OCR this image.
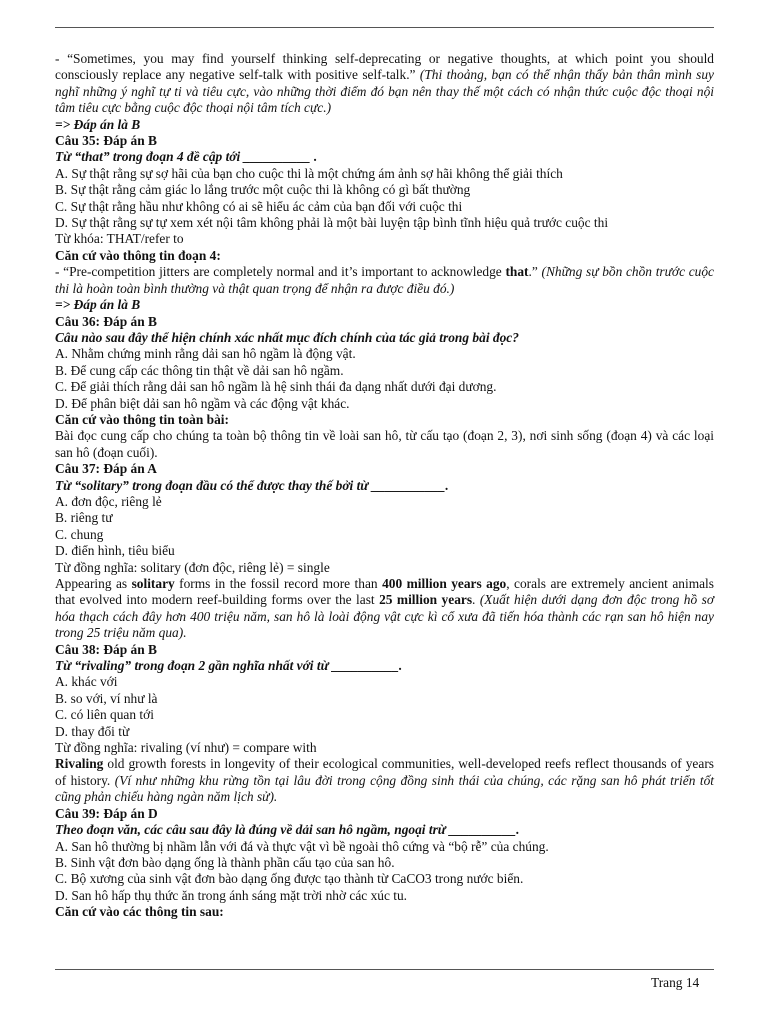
- “Sometimes, you may find yourself thinking self-deprecating or negative thoughts, at which point you should consciously replace any negative self-talk with positive self-talk.” (Thi thoảng, bạn có thể nhận thấy bản thân mình suy nghĩ những ý nghĩ tự ti và tiêu cực, vào những thời điểm đó bạn nên thay thế một cách có nhận thức cuộc độc thoại nội tâm tiêu cực bằng cuộc độc thoại nội tâm tích cực.)

=> Đáp án là B

Câu 35: Đáp án B

Từ “that” trong đoạn 4 đề cập tới __________ .

A. Sự thật rằng sự sợ hãi của bạn cho cuộc thi là một chứng ám ảnh sợ hãi không thể giải thích

B. Sự thật rằng cảm giác lo lắng trước một cuộc thi là không có gì bất thường

C. Sự thật rằng hầu như không có ai sẽ hiểu ác cảm của bạn đối với cuộc thi

D. Sự thật rằng sự tự xem xét nội tâm không phải là một bài luyện tập bình tĩnh hiệu quả trước cuộc thi

Từ khóa: THAT/refer to

Căn cứ vào thông tin đoạn 4:

- “Pre-competition jitters are completely normal and it’s important to acknowledge that.” (Những sự bồn chồn trước cuộc thi là hoàn toàn bình thường và thật quan trọng để nhận ra được điều đó.)

=> Đáp án là B

Câu 36: Đáp án B

Câu nào sau đây thể hiện chính xác nhất mục đích chính của tác giả trong bài đọc?

A. Nhằm chứng minh rằng dải san hô ngầm là động vật.

B. Để cung cấp các thông tin thật về dải san hô ngầm.

C. Để giải thích rằng dải san hô ngầm là hệ sinh thái đa dạng nhất dưới đại dương.

D. Để phân biệt dải san hô ngầm và các động vật khác.

Căn cứ vào thông tin toàn bài:

Bài đọc cung cấp cho chúng ta toàn bộ thông tin về loài san hô, từ cấu tạo (đoạn 2, 3), nơi sinh sống (đoạn 4) và các loại san hô (đoạn cuối).

Câu 37: Đáp án A

Từ “solitary” trong đoạn đầu có thể được thay thế bởi từ ___________.

A. đơn độc, riêng lẻ

B. riêng tư

C. chung

D. điển hình, tiêu biểu

Từ đồng nghĩa: solitary (đơn độc, riêng lẻ) = single

Appearing as solitary forms in the fossil record more than 400 million years ago, corals are extremely ancient animals that evolved into modern reef-building forms over the last 25 million years. (Xuất hiện dưới dạng đơn độc trong hồ sơ hóa thạch cách đây hơn 400 triệu năm, san hô là loài động vật cực kì cổ xưa đã tiến hóa thành các rạn san hô hiện nay trong 25 triệu năm qua).

Câu 38: Đáp án B

Từ “rivaling” trong đoạn 2 gần nghĩa nhất với từ __________.

A. khác với

B. so với, ví như là

C. có liên quan tới

D. thay đổi từ

Từ đồng nghĩa: rivaling (ví như) = compare with

Rivaling old growth forests in longevity of their ecological communities, well-developed reefs reflect thousands of years of history. (Ví như những khu rừng tồn tại lâu đời trong cộng đồng sinh thái của chúng, các rặng san hô phát triển tốt cũng phản chiếu hàng ngàn năm lịch sử).

Câu 39: Đáp án D

Theo đoạn văn, các câu sau đây là đúng về dải san hô ngầm, ngoại trừ __________.

A. San hô thường bị nhầm lẫn với đá và thực vật vì bề ngoài thô cứng và “bộ rễ” của chúng.

B. Sinh vật đơn bào dạng ống là thành phần cấu tạo của san hô.

C. Bộ xương của sinh vật đơn bào dạng ống được tạo thành từ CaCO3 trong nước biển.

D. San hô hấp thụ thức ăn trong ánh sáng mặt trời nhờ các xúc tu.

Căn cứ vào các thông tin sau:

Trang 14
